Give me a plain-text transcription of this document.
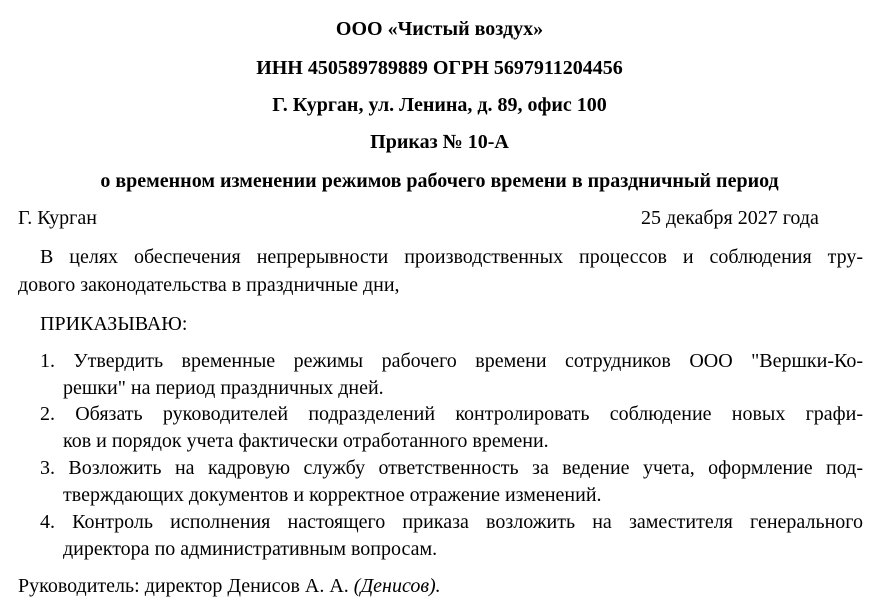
ООО «Чистый воздух»
ИНН 450589789889 ОГРН 5697911204456
Г. Курган, ул. Ленина, д. 89, офис 100
Приказ № 10-А
о временном изменении режимов рабочего времени в праздничный период
Г. Курган	25 декабря 2027 года
В целях обеспечения непрерывности производственных процессов и соблюдения тру-
дового законодательства в праздничные дни,
ПРИКАЗЫВАЮ:
1. Утвердить временные режимы рабочего времени сотрудников ООО "Вершки-Ко-
решки" на период праздничных дней.
2. Обязать руководителей подразделений контролировать соблюдение новых графи-
ков и порядок учета фактически отработанного времени.
3. Возложить на кадровую службу ответственность за ведение учета, оформление под-
тверждающих документов и корректное отражение изменений.
4. Контроль исполнения настоящего приказа возложить на заместителя генерального
директора по административным вопросам.
Руководитель: директор Денисов А. А. (Денисов).
